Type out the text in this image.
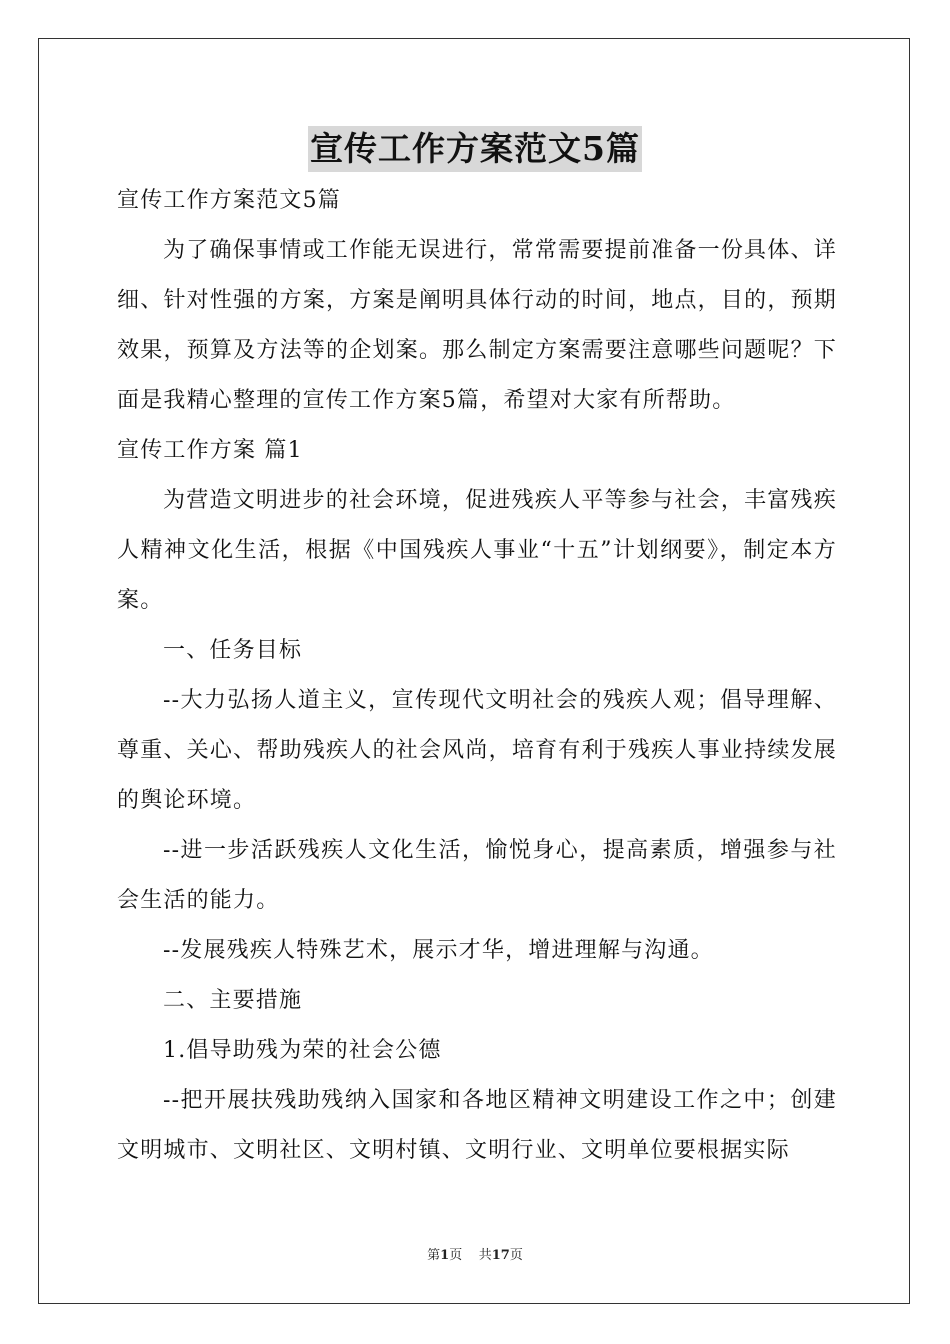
宣传工作方案范文5篇

宣传工作方案范文5篇

为了确保事情或工作能无误进行，常常需要提前准备一份具体、详细、针对性强的方案，方案是阐明具体行动的时间，地点，目的，预期效果，预算及方法等的企划案。那么制定方案需要注意哪些问题呢？下面是我精心整理的宣传工作方案5篇，希望对大家有所帮助。

宣传工作方案 篇1

为营造文明进步的社会环境，促进残疾人平等参与社会，丰富残疾人精神文化生活，根据《中国残疾人事业“十五”计划纲要》，制定本方案。

一、任务目标

--大力弘扬人道主义，宣传现代文明社会的残疾人观；倡导理解、尊重、关心、帮助残疾人的社会风尚，培育有利于残疾人事业持续发展的舆论环境。

--进一步活跃残疾人文化生活，愉悦身心，提高素质，增强参与社会生活的能力。

--发展残疾人特殊艺术，展示才华，增进理解与沟通。

二、主要措施

1.倡导助残为荣的社会公德

--把开展扶残助残纳入国家和各地区精神文明建设工作之中；创建文明城市、文明社区、文明村镇、文明行业、文明单位要根据实际

第1页 共17页
